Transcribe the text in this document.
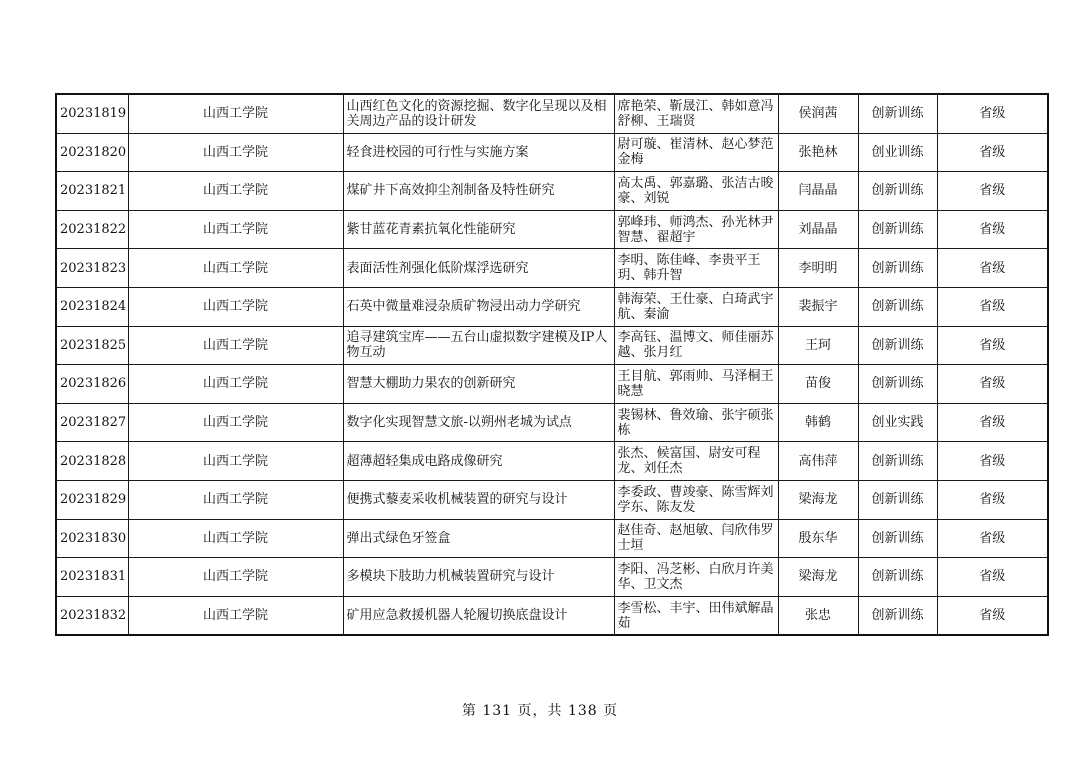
20231819	山西工学院	山西红色文化的资源挖掘、数字化呈现以及相关周边产品的设计研发	席艳荣、靳晟江、韩如意冯舒柳、王瑞贤	侯润茜	创新训练	省级
20231820	山西工学院	轻食进校园的可行性与实施方案	尉可璇、崔清林、赵心梦范金梅	张艳林	创业训练	省级
20231821	山西工学院	煤矿井下高效抑尘剂制备及特性研究	高太禹、郭嘉璐、张洁古晙豪、刘锐	闫晶晶	创新训练	省级
20231822	山西工学院	紫甘蓝花青素抗氧化性能研究	郭峰玮、师鸿杰、孙光林尹智慧、翟超宇	刘晶晶	创新训练	省级
20231823	山西工学院	表面活性剂强化低阶煤浮选研究	李明、陈佳峰、李贵平王玥、韩升智	李明明	创新训练	省级
20231824	山西工学院	石英中微量难浸杂质矿物浸出动力学研究	韩海荣、王仕豪、白琦武宇航、秦渝	裴振宇	创新训练	省级
20231825	山西工学院	追寻建筑宝库——五台山虚拟数字建模及IP人物互动	李高钰、温博文、师佳丽苏越、张月红	王珂	创新训练	省级
20231826	山西工学院	智慧大棚助力果农的创新研究	王目航、郭雨帅、马泽桐王晓慧	苗俊	创新训练	省级
20231827	山西工学院	数字化实现智慧文旅-以朔州老城为试点	裴锡林、鲁效瑜、张宇硕张栋	韩鹤	创业实践	省级
20231828	山西工学院	超薄超轻集成电路成像研究	张杰、候富国、尉安可程龙、刘任杰	高伟萍	创新训练	省级
20231829	山西工学院	便携式藜麦采收机械装置的研究与设计	李委政、曹竣豪、陈雪辉刘学东、陈友发	梁海龙	创新训练	省级
20231830	山西工学院	弹出式绿色牙签盒	赵佳奇、赵旭敏、闫欣伟罗士垣	殷东华	创新训练	省级
20231831	山西工学院	多模块下肢助力机械装置研究与设计	李阳、冯芝彬、白欣月许美华、卫文杰	梁海龙	创新训练	省级
20231832	山西工学院	矿用应急救援机器人轮履切换底盘设计	李雪松、丰宇、田伟斌解晶茹	张忠	创新训练	省级
第 131 页，共 138 页
